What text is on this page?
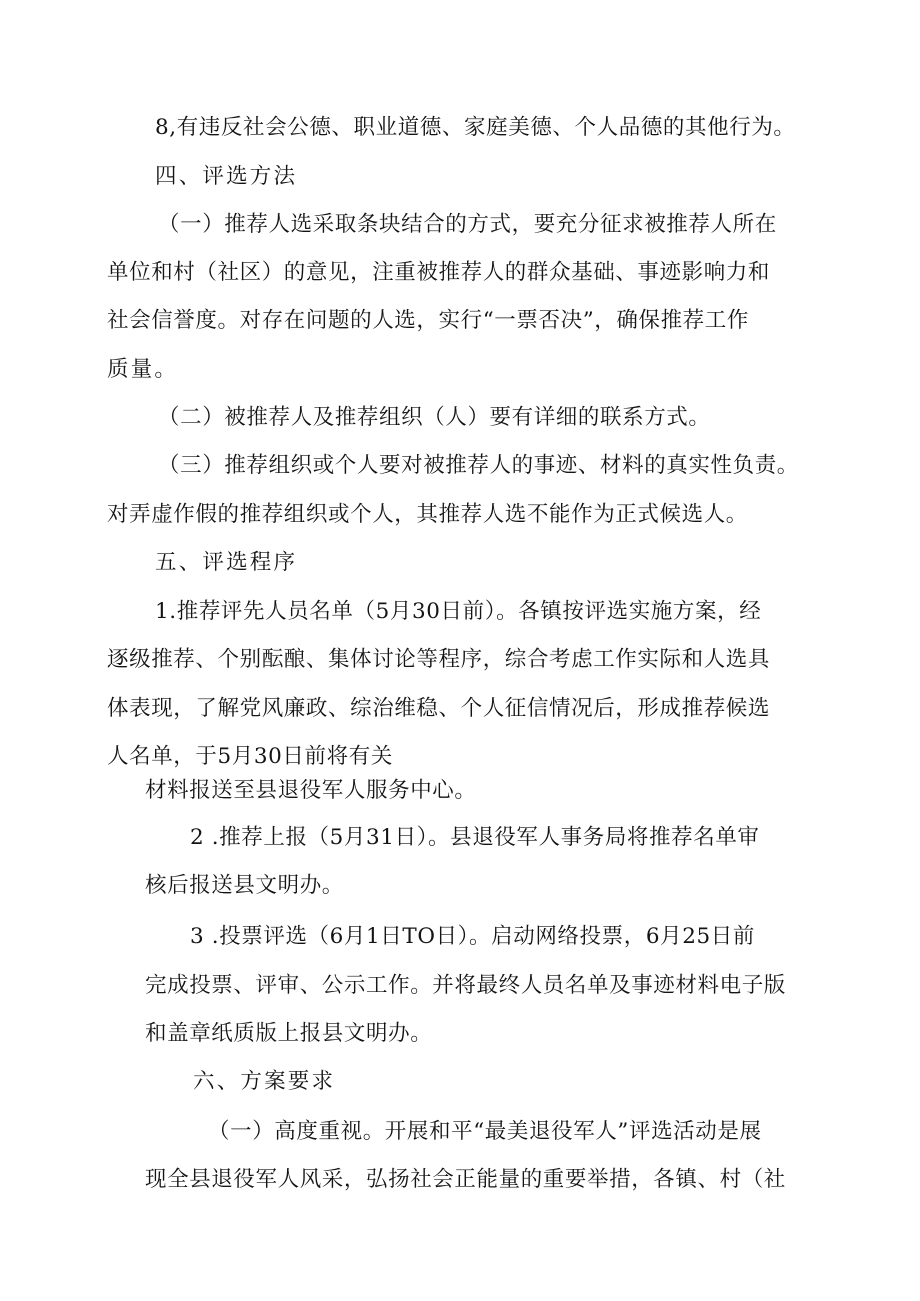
8,有违反社会公德、职业道德、家庭美德、个人品德的其他行为。

四、评选方法

（一）推荐人选采取条块结合的方式，要充分征求被推荐人所在

单位和村（社区）的意见，注重被推荐人的群众基础、事迹影响力和

社会信誉度。对存在问题的人选，实行“一票否决”，确保推荐工作

质量。

（二）被推荐人及推荐组织（人）要有详细的联系方式。

（三）推荐组织或个人要对被推荐人的事迹、材料的真实性负责。

对弄虚作假的推荐组织或个人，其推荐人选不能作为正式候选人。

五、评选程序

1.推荐评先人员名单（5月30日前）。各镇按评选实施方案，经

逐级推荐、个别酝酿、集体讨论等程序，综合考虑工作实际和人选具

体表现，了解党风廉政、综治维稳、个人征信情况后，形成推荐候选

人名单，于5月30日前将有关

材料报送至县退役军人服务中心。

2 .推荐上报（5月31日）。县退役军人事务局将推荐名单审

核后报送县文明办。

3 .投票评选（6月1日TO日）。启动网络投票，6月25日前

完成投票、评审、公示工作。并将最终人员名单及事迹材料电子版

和盖章纸质版上报县文明办。

六、方案要求

（一）高度重视。开展和平“最美退役军人”评选活动是展

现全县退役军人风采，弘扬社会正能量的重要举措，各镇、村（社
